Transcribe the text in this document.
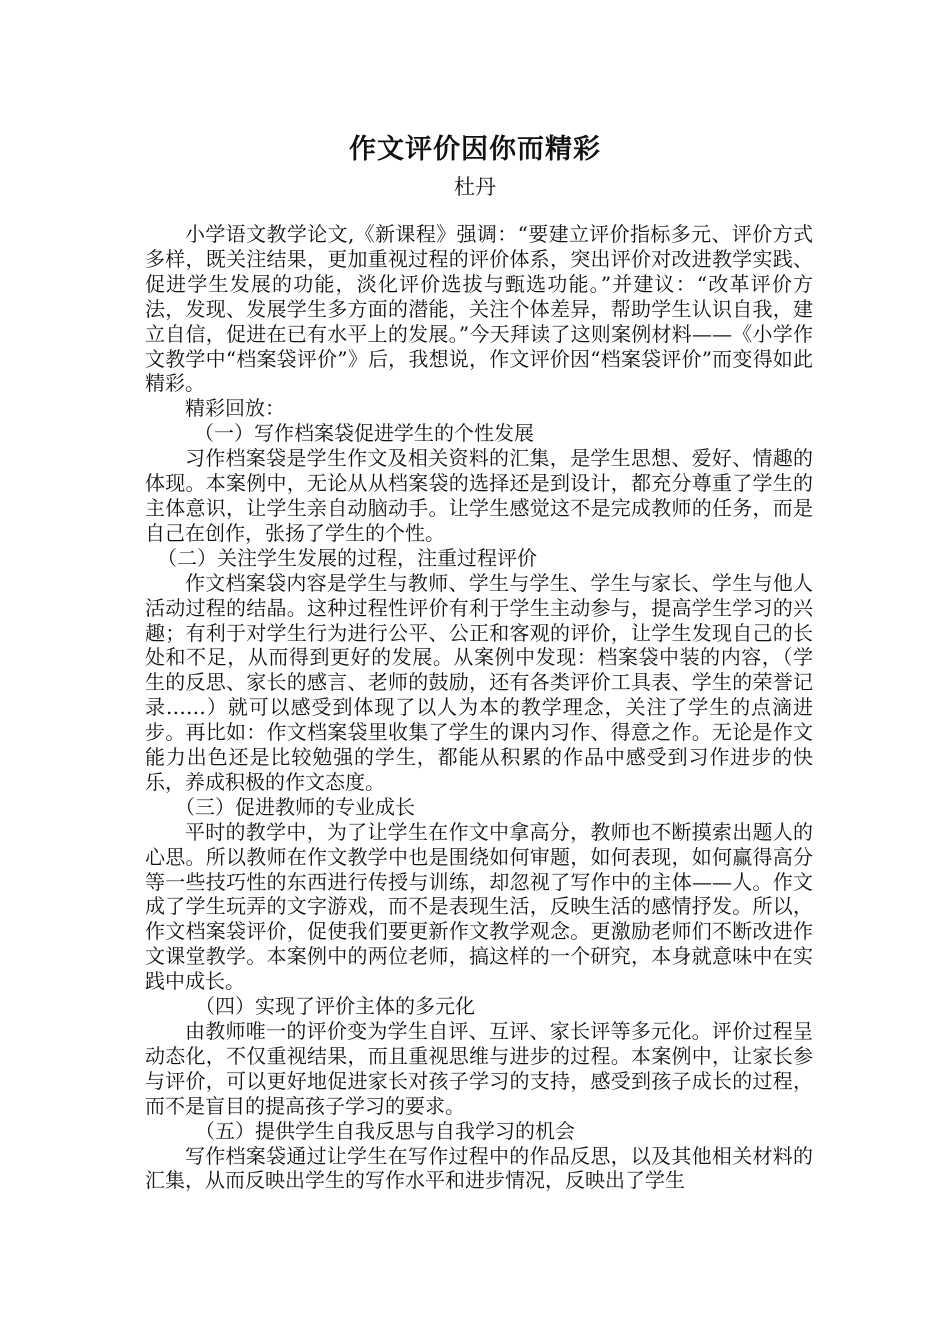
作文评价因你而精彩
杜丹

小学语文教学论文,《新课程》强调：“要建立评价指标多元、评价方式多样，既关注结果，更加重视过程的评价体系，突出评价对改进教学实践、促进学生发展的功能，淡化评价选拔与甄选功能。”并建议：“改革评价方法，发现、发展学生多方面的潜能，关注个体差异，帮助学生认识自我，建立自信，促进在已有水平上的发展。”今天拜读了这则案例材料——《小学作文教学中“档案袋评价”》后，我想说，作文评价因“档案袋评价”而变得如此精彩。

精彩回放：

（一）写作档案袋促进学生的个性发展

习作档案袋是学生作文及相关资料的汇集，是学生思想、爱好、情趣的体现。本案例中，无论从从档案袋的选择还是到设计，都充分尊重了学生的主体意识，让学生亲自动脑动手。让学生感觉这不是完成教师的任务，而是自己在创作，张扬了学生的个性。

（二）关注学生发展的过程，注重过程评价

作文档案袋内容是学生与教师、学生与学生、学生与家长、学生与他人活动过程的结晶。这种过程性评价有利于学生主动参与，提高学生学习的兴趣；有利于对学生行为进行公平、公正和客观的评价，让学生发现自己的长处和不足，从而得到更好的发展。从案例中发现：档案袋中装的内容，（学生的反思、家长的感言、老师的鼓励，还有各类评价工具表、学生的荣誉记录……）就可以感受到体现了以人为本的教学理念，关注了学生的点滴进步。再比如：作文档案袋里收集了学生的课内习作、得意之作。无论是作文能力出色还是比较勉强的学生，都能从积累的作品中感受到习作进步的快乐，养成积极的作文态度。

（三）促进教师的专业成长

平时的教学中，为了让学生在作文中拿高分，教师也不断摸索出题人的心思。所以教师在作文教学中也是围绕如何审题，如何表现，如何赢得高分等一些技巧性的东西进行传授与训练，却忽视了写作中的主体——人。作文成了学生玩弄的文字游戏，而不是表现生活，反映生活的感情抒发。所以，作文档案袋评价，促使我们要更新作文教学观念。更激励老师们不断改进作文课堂教学。本案例中的两位老师，搞这样的一个研究，本身就意味中在实践中成长。

（四）实现了评价主体的多元化

由教师唯一的评价变为学生自评、互评、家长评等多元化。评价过程呈动态化，不仅重视结果，而且重视思维与进步的过程。本案例中，让家长参与评价，可以更好地促进家长对孩子学习的支持，感受到孩子成长的过程，而不是盲目的提高孩子学习的要求。

（五）提供学生自我反思与自我学习的机会

写作档案袋通过让学生在写作过程中的作品反思，以及其他相关材料的汇集，从而反映出学生的写作水平和进步情况，反映出了学生
